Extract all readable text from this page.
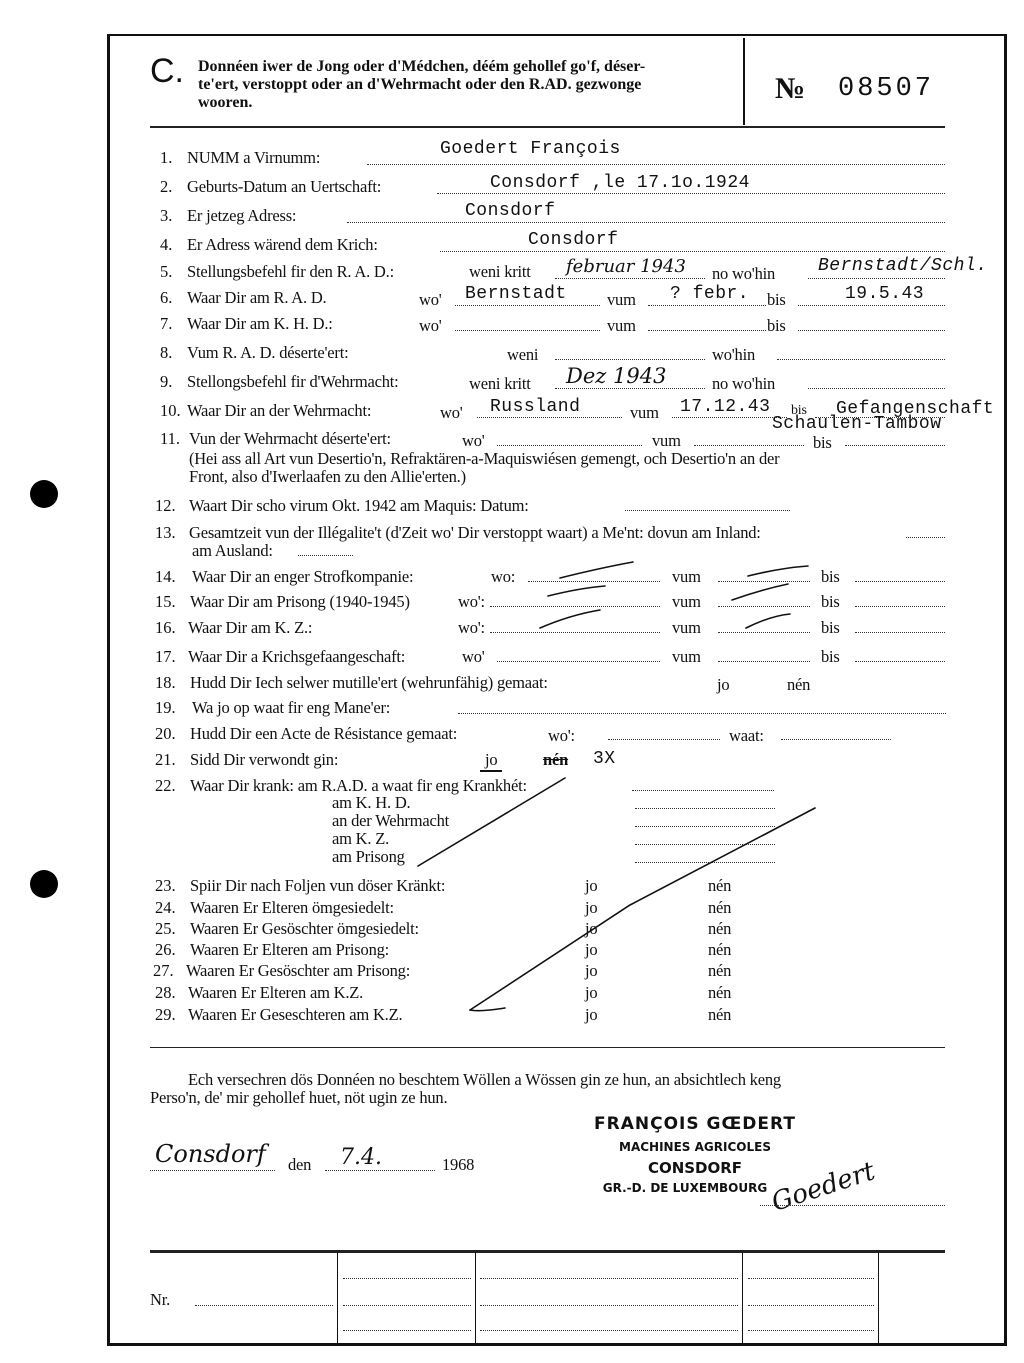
C. Donnéen iwer de Jong oder d'Médchen, déém gehollef go'f, déser-
te'ert, verstoppt oder an d'Wehrmacht oder den R.AD. gezwonge
wooren.	№ 08507
1. NUMM a Virnumm:	Goedert François
2. Geburts-Datum an Uertschaft:	Consdorf ,le 17.1o.1924
3. Er jetzeg Adress:	Consdorf
4. Er Adress wärend dem Krich:	Consdorf
5. Stellungsbefehl fir den R. A. D.:	weni kritt februar 1943 no wo'hin Bernstadt/Schl.
6. Waar Dir am R. A. D.	wo' Bernstadt vum ? febr. bis	19.5.43
7. Waar Dir am K. H. D.:	wo'	vum	bis
8. Vum R. A. D. déserte'ert:	weni	wo'hin
9. Stellongsbefehl fir d'Wehrmacht:	weni kritt Dez 1943	no wo'hin
10. Waar Dir an der Wehrmacht:	wo' Russland	vum 17.12.43 bis Gefangenschaft
Schaulen-Tambow
11. Vun der Wehrmacht déserte'ert:	wo'	vum	bis
(Hei ass all Art vun Desertio'n, Refraktären-a-Maquiswiésen gemengt, och Desertio'n an der
Front, also d'Iwerlaafen zu den Allie'erten.)
12. Waart Dir scho virum Okt. 1942 am Maquis: Datum:
13. Gesamtzeit vun der Illégalite't (d'Zeit wo' Dir verstoppt waart) a Me'nt: dovun am Inland:
am Ausland:
14. Waar Dir an enger Strofkompanie:	wo:	vum	bis
15. Waar Dir am Prisong (1940-1945)	wo':	vum	bis
16. Waar Dir am K. Z.:	wo':	vum	bis
17. Waar Dir a Krichsgefaangeschaft:	wo'	vum	bis
18. Hudd Dir Iech selwer mutille'ert (wehrunfähig) gemaat:	jo	nén
19. Wa jo op waat fir eng Mane'er:
20. Hudd Dir een Acte de Résistance gemaat:	wo':	waat:
21. Sidd Dir verwondt gin:	jo	nén 3X
22. Waar Dir krank: am R.A.D. a waat fir eng Krankhét:
am K. H. D.
an der Wehrmacht
am K. Z.
am Prisong
23. Spiir Dir nach Foljen vun döser Kränkt:	jo	nén
24. Waaren Er Elteren ömgesiedelt:	jo	nén
25. Waaren Er Gesöschter ömgesiedelt:	jo	nén
26. Waaren Er Elteren am Prisong:	jo	nén
27. Waaren Er Gesöschter am Prisong:	jo	nén
28. Waaren Er Elteren am K.Z.	jo	nén
29. Waaren Er Geseschteren am K.Z.	jo	nén
Ech versechren dös Donnéen no beschtem Wöllen a Wössen gin ze hun, an absichtlech keng
Perso'n, de' mir gehollef huet, nöt ugin ze hun.
Consdorf den 7.4.	1968
FRANÇOIS GŒDERT
MACHINES AGRICOLES
CONSDORF
GR.-D. DE LUXEMBOURG Goedert
Nr.
